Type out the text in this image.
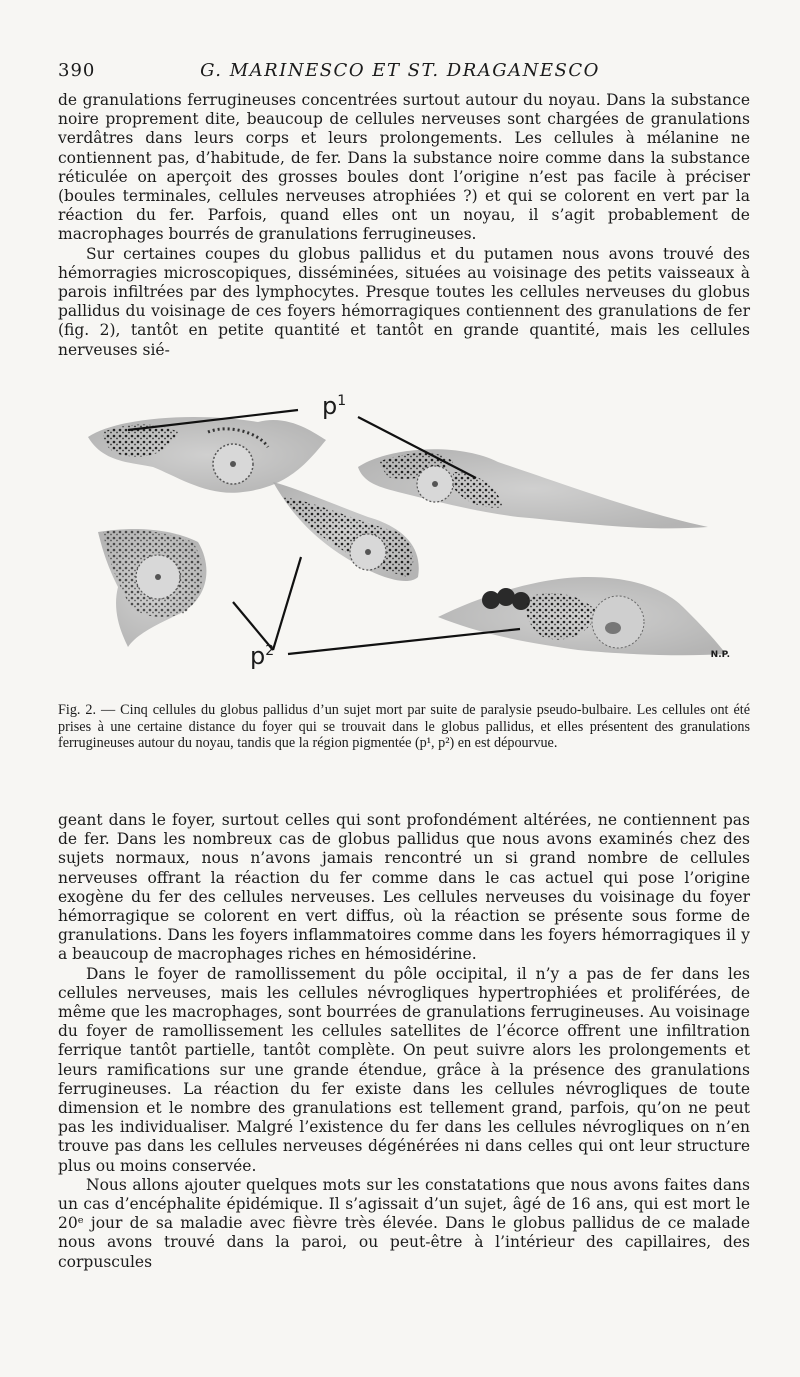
390	G. MARINESCO ET ST. DRAGANESCO

de granulations ferrugineuses concentrées surtout autour du noyau. Dans la substance noire proprement dite, beaucoup de cellules nerveuses sont chargées de granulations verdâtres dans leurs corps et leurs prolongements. Les cellules à mélanine ne contiennent pas, d’habitude, de fer. Dans la substance noire comme dans la substance réticulée on aperçoit des grosses boules dont l’origine n’est pas facile à préciser (boules terminales, cellules nerveuses atrophiées ?) et qui se colorent en vert par la réaction du fer. Parfois, quand elles ont un noyau, il s’agit probablement de macrophages bourrés de granulations ferrugineuses.

Sur certaines coupes du globus pallidus et du putamen nous avons trouvé des hémorragies microscopiques, disséminées, situées au voisinage des petits vaisseaux à parois infiltrées par des lymphocytes. Presque toutes les cellules nerveuses du globus pallidus du voisinage de ces foyers hémorragiques contiennent des granulations de fer (fig. 2), tantôt en petite quantité et tantôt en grande quantité, mais les cellules nerveuses sié-

$p^1$
$p^2$	N.P.

Fig. 2. — Cinq cellules du globus pallidus d’un sujet mort par suite de paralysie pseudo-bulbaire. Les cellules ont été prises à une certaine distance du foyer qui se trouvait dans le globus pallidus, et elles présentent des granulations ferrugineuses autour du noyau, tandis que la région pigmentée (p¹, p²) en est dépourvue.

geant dans le foyer, surtout celles qui sont profondément altérées, ne contiennent pas de fer. Dans les nombreux cas de globus pallidus que nous avons examinés chez des sujets normaux, nous n’avons jamais rencontré un si grand nombre de cellules nerveuses offrant la réaction du fer comme dans le cas actuel qui pose l’origine exogène du fer des cellules nerveuses. Les cellules nerveuses du voisinage du foyer hémorragique se colorent en vert diffus, où la réaction se présente sous forme de granulations. Dans les foyers inflammatoires comme dans les foyers hémorragiques il y a beaucoup de macrophages riches en hémosidérine.

Dans le foyer de ramollissement du pôle occipital, il n’y a pas de fer dans les cellules nerveuses, mais les cellules névrogliques hypertrophiées et proliférées, de même que les macrophages, sont bourrées de granulations ferrugineuses. Au voisinage du foyer de ramollissement les cellules satellites de l’écorce offrent une infiltration ferrique tantôt partielle, tantôt complète. On peut suivre alors les prolongements et leurs ramifications sur une grande étendue, grâce à la présence des granulations ferrugineuses. La réaction du fer existe dans les cellules névrogliques de toute dimension et le nombre des granulations est tellement grand, parfois, qu’on ne peut pas les individualiser. Malgré l’existence du fer dans les cellules névrogliques on n’en trouve pas dans les cellules nerveuses dégénérées ni dans celles qui ont leur structure plus ou moins conservée.

Nous allons ajouter quelques mots sur les constatations que nous avons faites dans un cas d’encéphalite épidémique. Il s’agissait d’un sujet, âgé de 16 ans, qui est mort le 20ᵉ jour de sa maladie avec fièvre très élevée. Dans le globus pallidus de ce malade nous avons trouvé dans la paroi, ou peut-être à l’intérieur des capillaires, des corpuscules
